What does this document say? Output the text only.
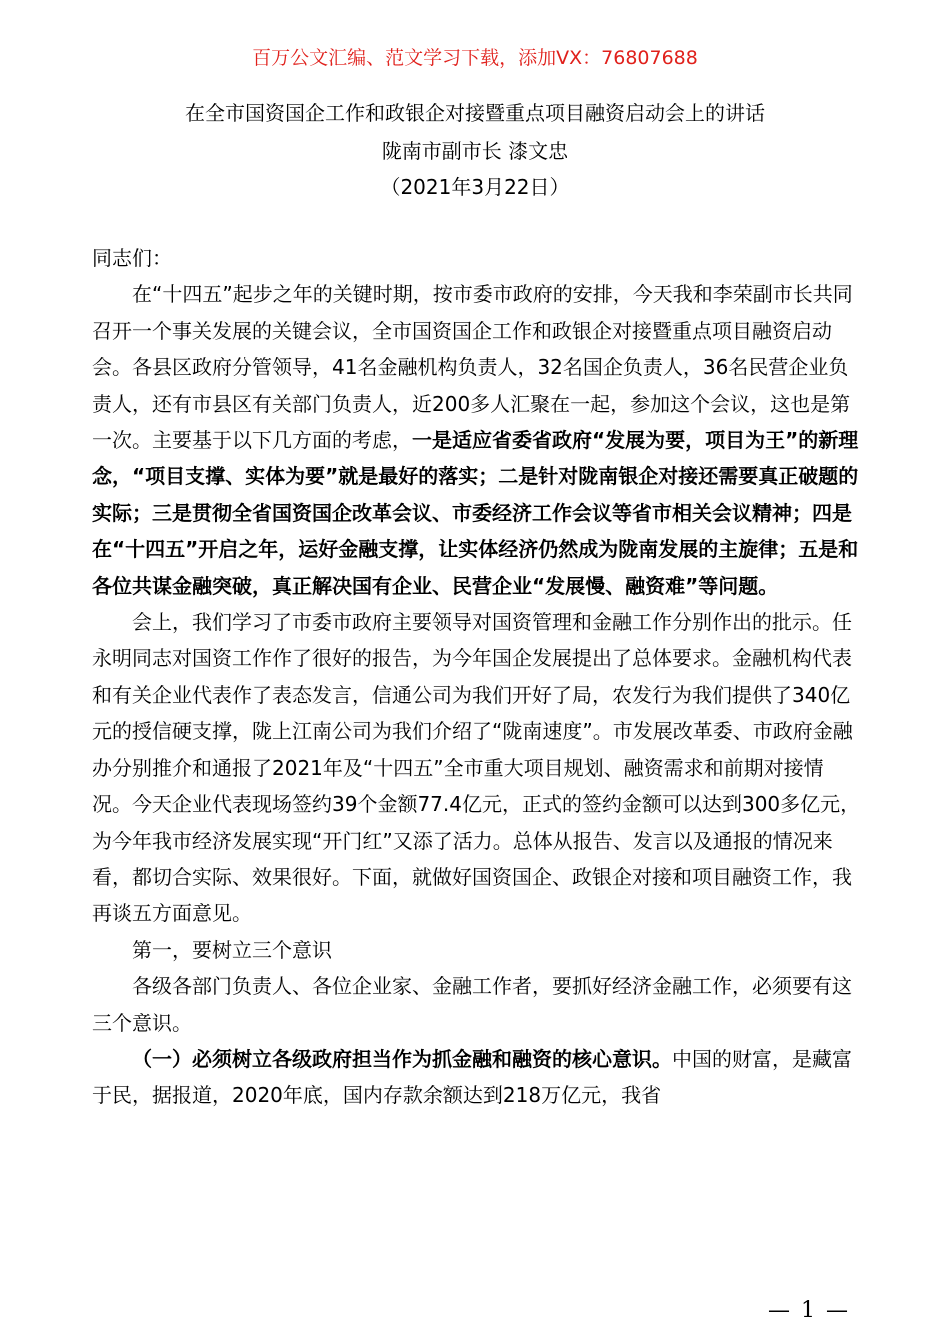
百万公文汇编、范文学习下载，添加VX：76807688
在全市国资国企工作和政银企对接暨重点项目融资启动会上的讲话
陇南市副市长 漆文忠
（2021年3月22日）

同志们：

在“十四五”起步之年的关键时期，按市委市政府的安排，今天我和李荣副市长共同召开一个事关发展的关键会议，全市国资国企工作和政银企对接暨重点项目融资启动会。各县区政府分管领导，41名金融机构负责人，32名国企负责人，36名民营企业负责人，还有市县区有关部门负责人，近200多人汇聚在一起，参加这个会议，这也是第一次。主要基于以下几方面的考虑，一是适应省委省政府“发展为要，项目为王”的新理念，“项目支撑、实体为要”就是最好的落实；二是针对陇南银企对接还需要真正破题的实际；三是贯彻全省国资国企改革会议、市委经济工作会议等省市相关会议精神；四是在“十四五”开启之年，运好金融支撑，让实体经济仍然成为陇南发展的主旋律；五是和各位共谋金融突破，真正解决国有企业、民营企业“发展慢、融资难”等问题。

会上，我们学习了市委市政府主要领导对国资管理和金融工作分别作出的批示。任永明同志对国资工作作了很好的报告，为今年国企发展提出了总体要求。金融机构代表和有关企业代表作了表态发言，信通公司为我们开好了局，农发行为我们提供了340亿元的授信硬支撑，陇上江南公司为我们介绍了“陇南速度”。市发展改革委、市政府金融办分别推介和通报了2021年及“十四五”全市重大项目规划、融资需求和前期对接情况。今天企业代表现场签约39个金额77.4亿元，正式的签约金额可以达到300多亿元，为今年我市经济发展实现“开门红”又添了活力。总体从报告、发言以及通报的情况来看，都切合实际、效果很好。下面，就做好国资国企、政银企对接和项目融资工作，我再谈五方面意见。

第一，要树立三个意识

各级各部门负责人、各位企业家、金融工作者，要抓好经济金融工作，必须要有这三个意识。

（一）必须树立各级政府担当作为抓金融和融资的核心意识。中国的财富，是藏富于民，据报道，2020年底，国内存款余额达到218万亿元，我省

— 1 —
